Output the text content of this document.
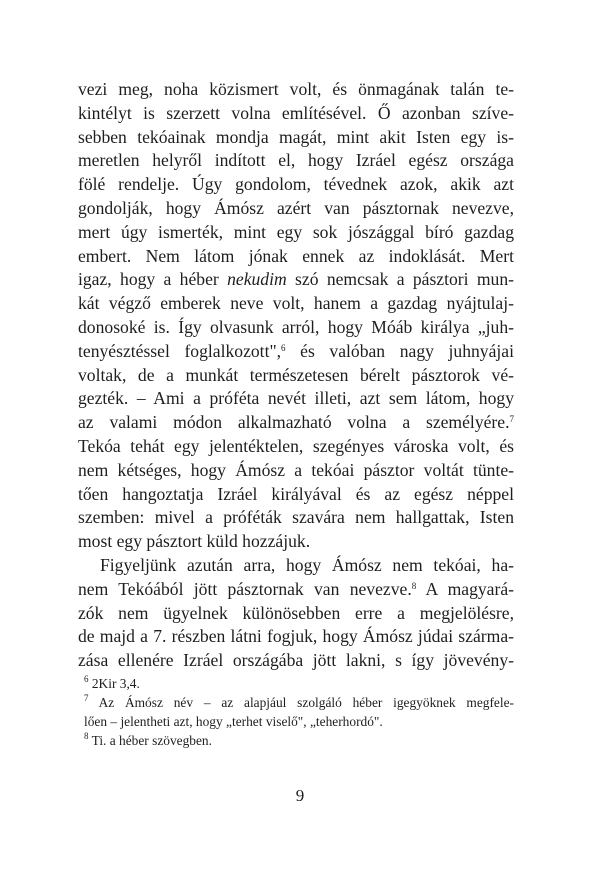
vezi meg, noha közismert volt, és önmagának talán te-
kintélyt is szerzett volna említésével. Ő azonban szíve-
sebben tekóainak mondja magát, mint akit Isten egy is-
meretlen helyről indított el, hogy Izráel egész országa
fölé rendelje. Úgy gondolom, tévednek azok, akik azt
gondolják, hogy Ámósz azért van pásztornak nevezve,
mert úgy ismerték, mint egy sok jószággal bíró gazdag
embert. Nem látom jónak ennek az indoklását. Mert
igaz, hogy a héber nekudim szó nemcsak a pásztori mun-
kát végző emberek neve volt, hanem a gazdag nyájtulaj-
donosoké is. Így olvasunk arról, hogy Móáb királya „juh-
tenyésztéssel foglalkozott",$^6$ és valóban nagy juhnyájai
voltak, de a munkát természetesen bérelt pásztorok vé-
gezték. – Ami a próféta nevét illeti, azt sem látom, hogy
az valami módon alkalmazható volna a személyére.$^7$
Tekóa tehát egy jelentéktelen, szegényes városka volt, és
nem kétséges, hogy Ámósz a tekóai pásztor voltát tünte-
tően hangoztatja Izráel királyával és az egész néppel
szemben: mivel a próféták szavára nem hallgattak, Isten
most egy pásztort küld hozzájuk.
Figyeljünk azután arra, hogy Ámósz nem tekóai, ha-
nem Tekóából jött pásztornak van nevezve.$^8$ A magyará-
zók nem ügyelnek különösebben erre a megjelölésre,
de majd a 7. részben látni fogjuk, hogy Ámósz júdai szárma-
zása ellenére Izráel országába jött lakni, s így jövevény-
$^6$ 2Kir 3,4.
$^7$ Az Ámósz név – az alapjául szolgáló héber igegyöknek megfele-
lően – jelentheti azt, hogy „terhet viselő", „teherhordó".
$^8$ Ti. a héber szövegben.
9
